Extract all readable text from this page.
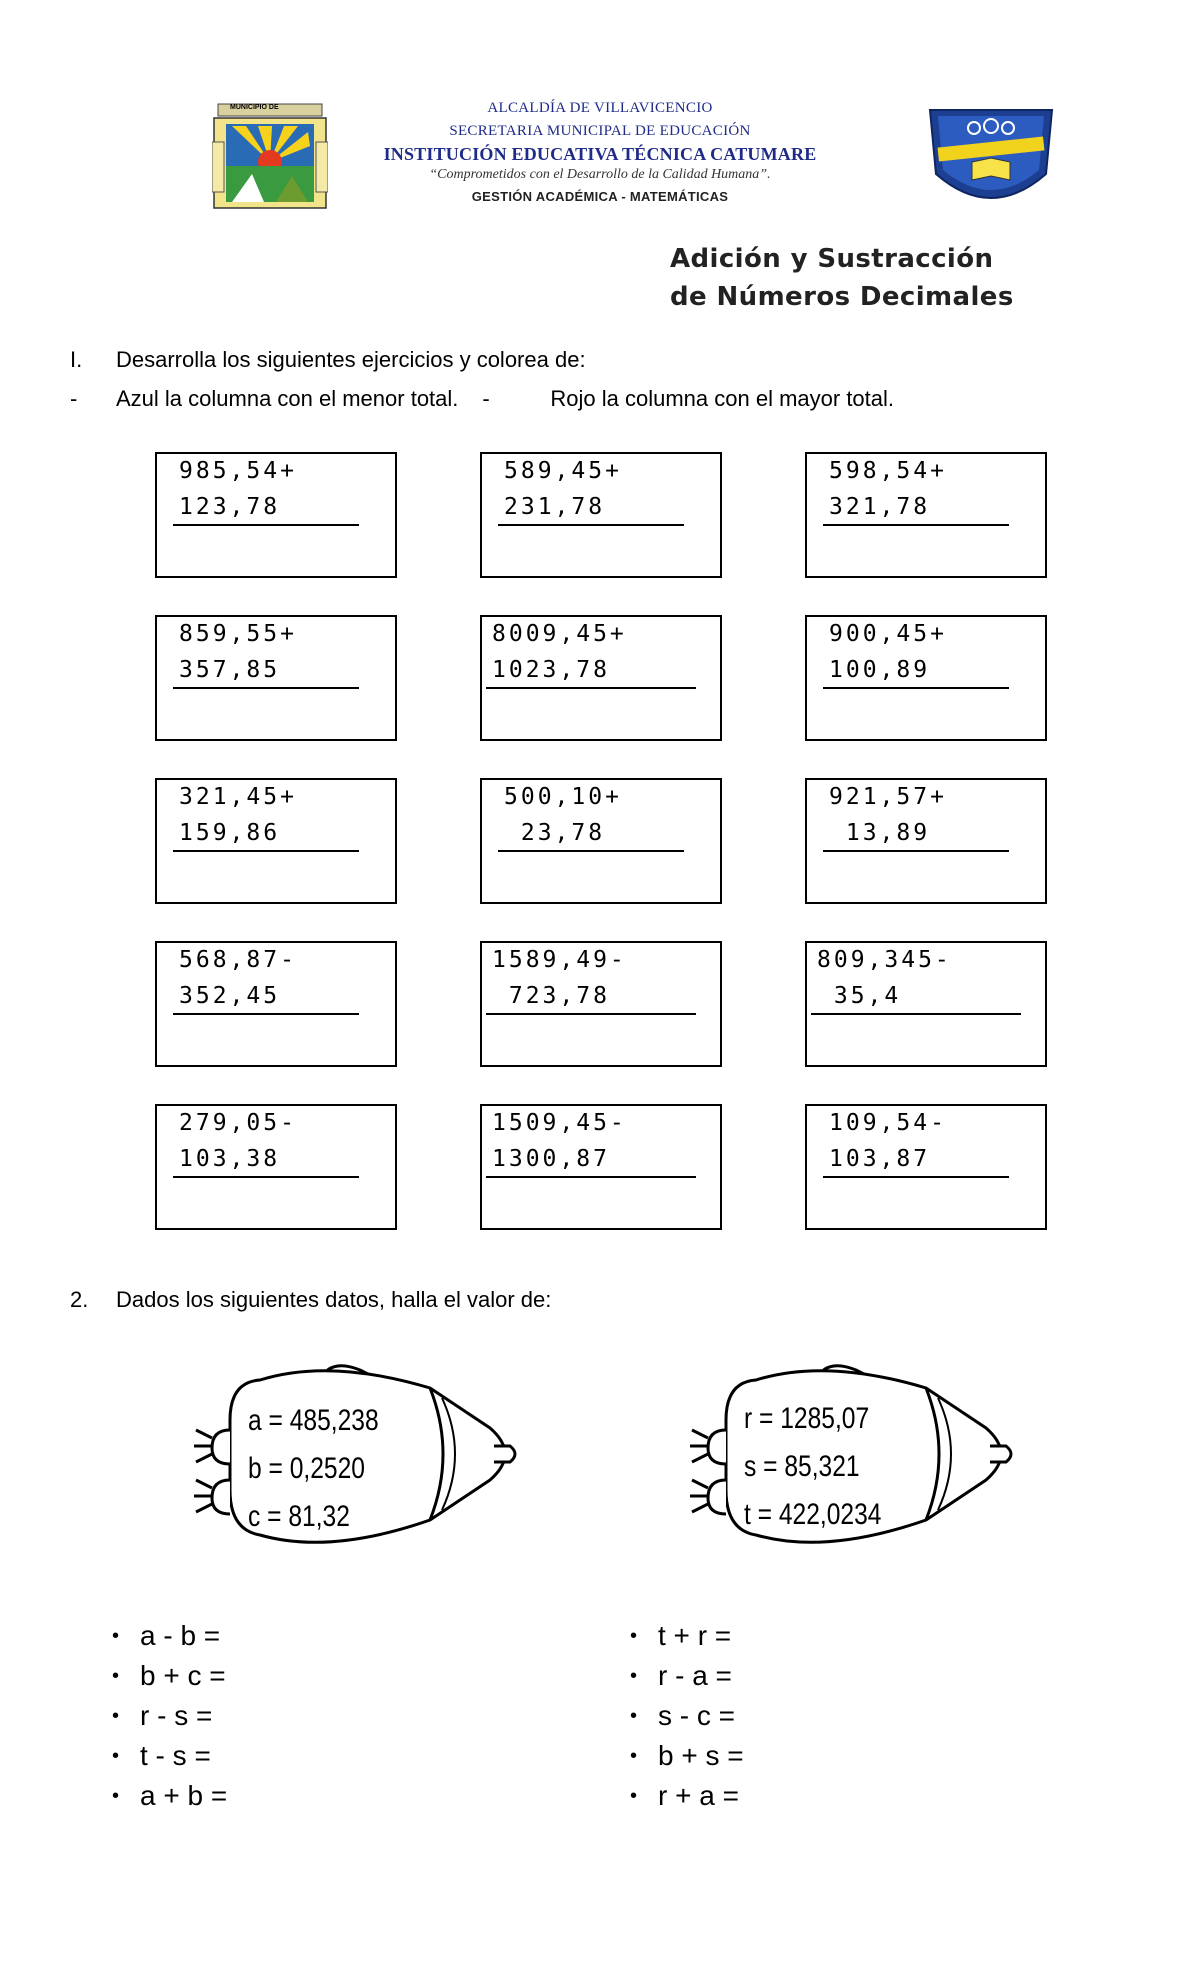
MUNICIPIO DE	ALCALDÍA DE VILLAVICENCIO
SECRETARIA MUNICIPAL DE EDUCACIÓN
INSTITUCIÓN EDUCATIVA TÉCNICA CATUMARE
“Comprometidos con el Desarrollo de la Calidad Humana”.
GESTIÓN ACADÉMICA - MATEMÁTICAS
Adición y Sustracción
de Números Decimales
I. Desarrolla los siguientes ejercicios y colorea de:
- Azul la columna con el menor total. -	Rojo la columna con el mayor total.
985,54+
123,78
589,45+
231,78
598,54+
321,78
859,55+
357,85
8009,45+
1023,78
900,45+
100,89
321,45+
159,86
500,10+
23,78
921,57+
13,89
568,87-
352,45
1589,49-
723,78
809,345-
35,4
279,05-
103,38
1509,45-
1300,87
109,54-
103,87
2. Dados los siguientes datos, halla el valor de:
a = 485,238
b = 0,2520
c = 81,32
r = 1285,07
s = 85,321
t = 422,0234
• a - b =
• b + c =
• r - s =
• t - s =
• a + b =
• t + r =
• r - a =
• s - c =
• b + s =
• r + a =
